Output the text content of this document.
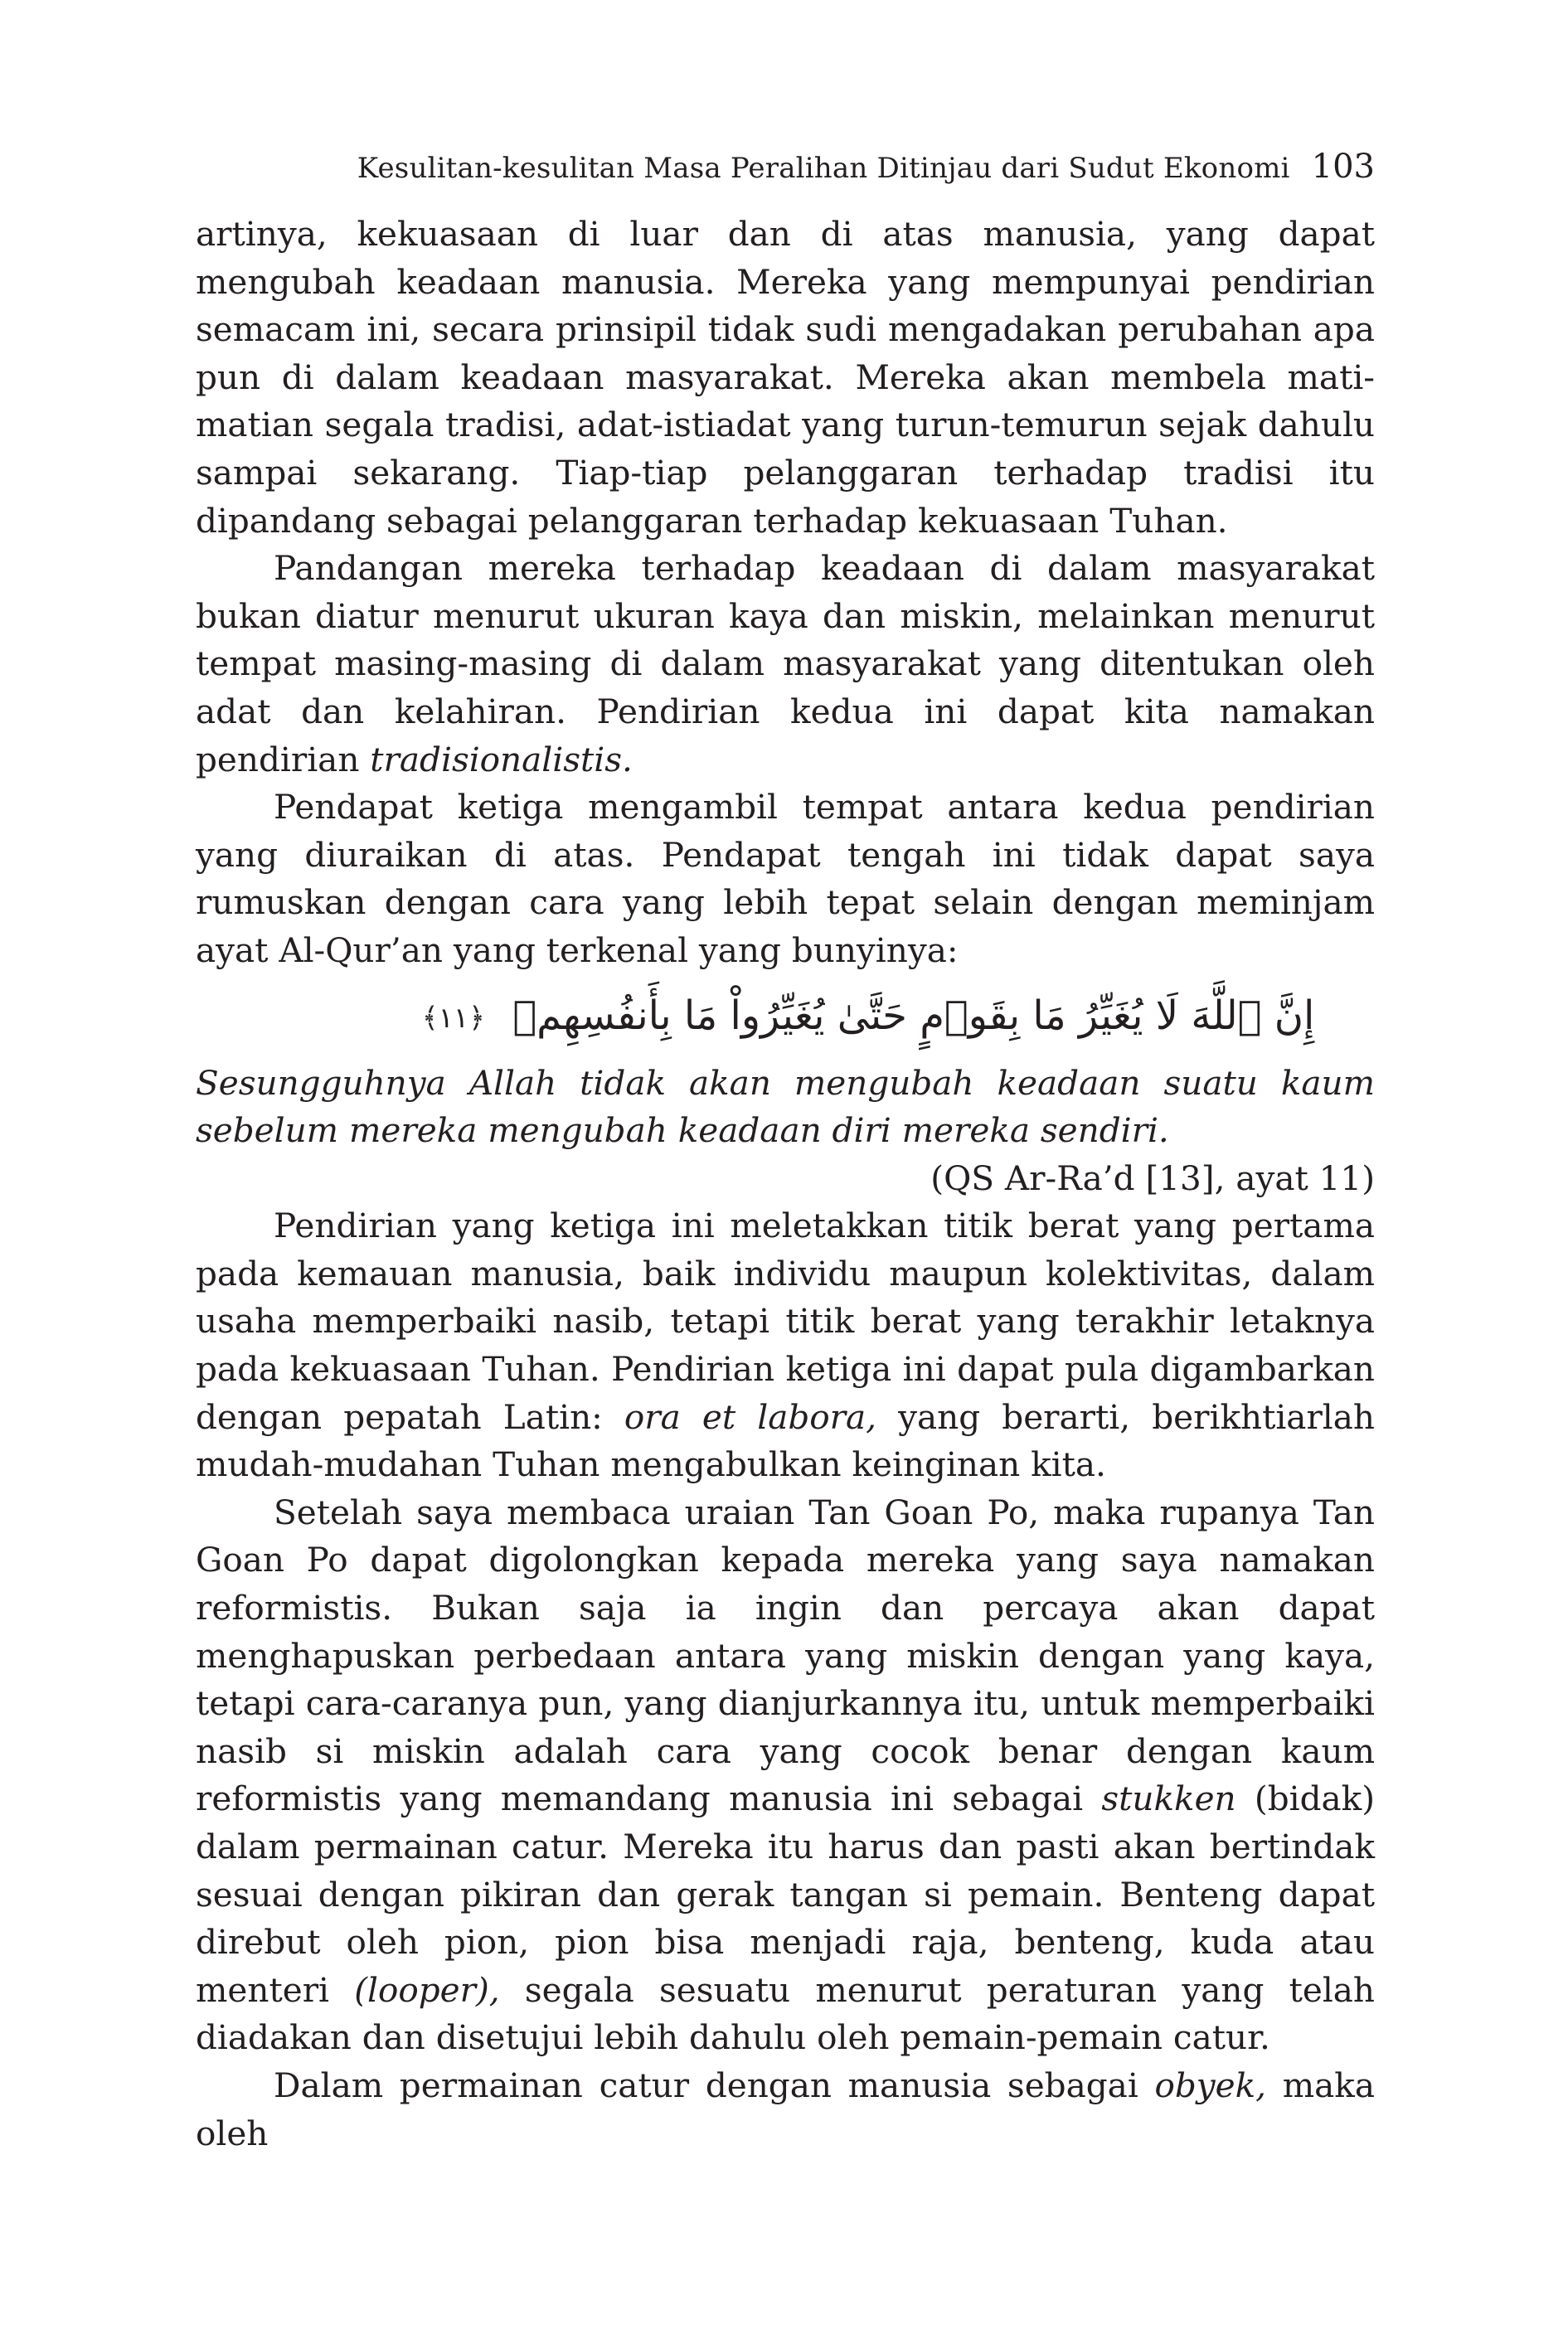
Kesulitan-kesulitan Masa Peralihan Ditinjau dari Sudut Ekonomi 103

artinya, kekuasaan di luar dan di atas manusia, yang dapat mengubah keadaan manusia. Mereka yang mempunyai pendirian semacam ini, secara prinsipil tidak sudi mengadakan perubahan apa pun di dalam keadaan masyarakat. Mereka akan membela mati-matian segala tradisi, adat-istiadat yang turun-temurun sejak dahulu sampai sekarang. Tiap-tiap pelanggaran terhadap tradisi itu dipandang sebagai pelanggaran terhadap kekuasaan Tuhan.

Pandangan mereka terhadap keadaan di dalam masyarakat bukan diatur menurut ukuran kaya dan miskin, melainkan menurut tempat masing-masing di dalam masyarakat yang ditentukan oleh adat dan kelahiran. Pendirian kedua ini dapat kita namakan pendirian tradisionalistis.

Pendapat ketiga mengambil tempat antara kedua pendirian yang diuraikan di atas. Pendapat tengah ini tidak dapat saya rumuskan dengan cara yang lebih tepat selain dengan meminjam ayat Al-Qur’an yang terkenal yang bunyinya:

إِنَّ ٱللَّهَ لَا يُغَيِّرُ مَا بِقَوۡمٍ حَتَّىٰ يُغَيِّرُواْ مَا بِأَنفُسِهِمۡ ﴿١١﴾

Sesungguhnya Allah tidak akan mengubah keadaan suatu kaum sebelum mereka mengubah keadaan diri mereka sendiri.

(QS Ar-Ra’d [13], ayat 11)

Pendirian yang ketiga ini meletakkan titik berat yang pertama pada kemauan manusia, baik individu maupun kolektivitas, dalam usaha memperbaiki nasib, tetapi titik berat yang terakhir letaknya pada kekuasaan Tuhan. Pendirian ketiga ini dapat pula digambarkan dengan pepatah Latin: ora et labora, yang berarti, berikhtiarlah mudah-mudahan Tuhan mengabulkan keinginan kita.

Setelah saya membaca uraian Tan Goan Po, maka rupanya Tan Goan Po dapat digolongkan kepada mereka yang saya namakan reformistis. Bukan saja ia ingin dan percaya akan dapat menghapuskan perbedaan antara yang miskin dengan yang kaya, tetapi cara-caranya pun, yang dianjurkannya itu, untuk memperbaiki nasib si miskin adalah cara yang cocok benar dengan kaum reformistis yang memandang manusia ini sebagai stukken (bidak) dalam permainan catur. Mereka itu harus dan pasti akan bertindak sesuai dengan pikiran dan gerak tangan si pemain. Benteng dapat direbut oleh pion, pion bisa menjadi raja, benteng, kuda atau menteri (looper), segala sesuatu menurut peraturan yang telah diadakan dan disetujui lebih dahulu oleh pemain-pemain catur.

Dalam permainan catur dengan manusia sebagai obyek, maka oleh
